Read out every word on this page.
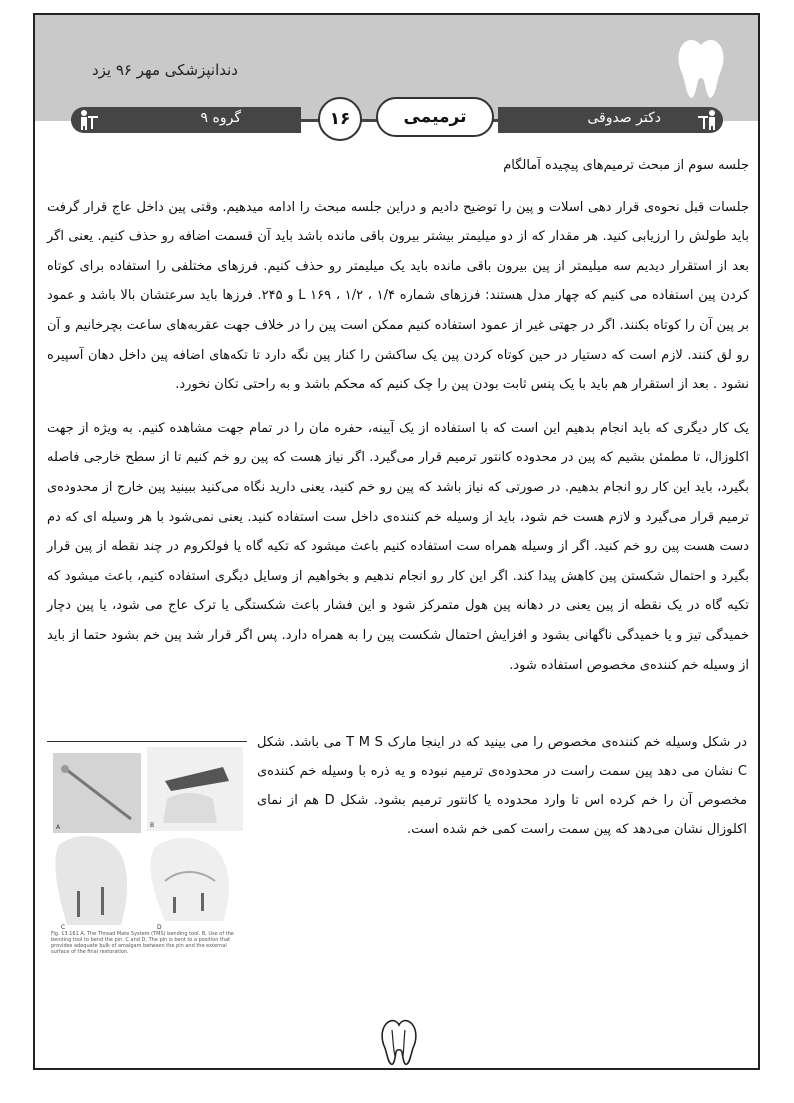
دندانپزشکی مهر ۹۶ یزد
گروه ۹	دکتر صدوقی
۱۶	ترمیمی

جلسه سوم از مبحث ترمیم‌های پیچیده آمالگام

جلسات قبل نحوه‌ی قرار دهی اسلات و پین را توضیح دادیم و دراین جلسه مبحث را ادامه میدهیم. وقتی پین داخل عاج قرار گرفت باید طولش را ارزیابی کنید. هر مقدار که از دو میلیمتر بیشتر بیرون باقی مانده باشد باید آن قسمت اضافه رو حذف کنیم. یعنی اگر بعد از استقرار دیدیم سه میلیمتر از پین بیرون باقی مانده باید یک میلیمتر رو حذف کنیم. فرزهای مختلفی را استفاده برای کوتاه کردن پین استفاده می کنیم که چهار مدل هستند: فرزهای شماره ۱/۴ ، ۱/۲ ، L ۱۶۹ و ۲۴۵. فرزها باید سرعتشان بالا باشد و عمود بر پین آن را کوتاه بکنند. اگر در جهتی غیر از عمود استفاده کنیم ممکن است پین را در خلاف جهت عقربه‌های ساعت بچرخانیم و آن رو لق کنند. لازم است که دستیار در حین کوتاه کردن پین یک ساکشن را کنار پین نگه دارد تا تکه‌های اضافه پین داخل دهان آسپیره نشود . بعد از استقرار هم باید با یک پنس ثابت بودن پین را چک کنیم که محکم باشد و به راحتی تکان نخورد.

یک کار دیگری که باید انجام بدهیم این است که با استفاده از یک آیینه، حفره مان را در تمام جهت مشاهده کنیم. به ویژه از جهت اکلوزال، تا مطمئن بشیم که پین در محدوده کانتور ترمیم قرار می‌گیرد. اگر نیاز هست که پین رو خم کنیم تا از سطح خارجی فاصله بگیرد، باید این کار رو انجام بدهیم. در صورتی که نیاز باشد که پین رو خم کنید، یعنی دارید نگاه می‌کنید ببینید پین خارج از محدوده‌ی ترمیم قرار می‌گیرد و لازم هست خم شود، باید از وسیله خم کننده‌ی داخل ست استفاده کنید. یعنی نمی‌شود با هر وسیله ای که دم دست هست پین رو خم کنید. اگر از وسیله همراه ست استفاده کنیم باعث میشود که تکیه گاه یا فولکروم در چند نقطه از پین قرار بگیرد و احتمال شکستن پین کاهش پیدا کند. اگر این کار رو انجام ندهیم و بخواهیم از وسایل دیگری استفاده کنیم، باعث میشود که تکیه گاه در یک نقطه از پین یعنی در دهانه پین هول متمرکز شود و این فشار باعث شکستگی یا ترک عاج می شود، یا پین دچار خمیدگی تیز و یا خمیدگی ناگهانی بشود و افزایش احتمال شکست پین را به همراه دارد. پس اگر قرار شد پین خم بشود حتما از باید از وسیله خم کننده‌ی مخصوص استفاده شود.

در شکل وسیله خم کننده‌ی مخصوص را می بینید که در اینجا مارک T M S می باشد. شکل C نشان می دهد پین سمت راست در محدوده‌ی ترمیم نبوده و یه ذره با وسیله خم کننده‌ی مخصوص آن را خم کرده اس تا وارد محدوده یا کانتور ترمیم بشود. شکل D هم از نمای اکلوزال نشان می‌دهد که پین سمت راست کمی خم شده است.

A	B
C	D
Fig. 13.161 A, The Thread Mate System (TMS) bending tool. B, Use of the bending tool to bend the pin. C and D, The pin is bent to a position that provides adequate bulk of amalgam between the pin and the external surface of the final restoration.
